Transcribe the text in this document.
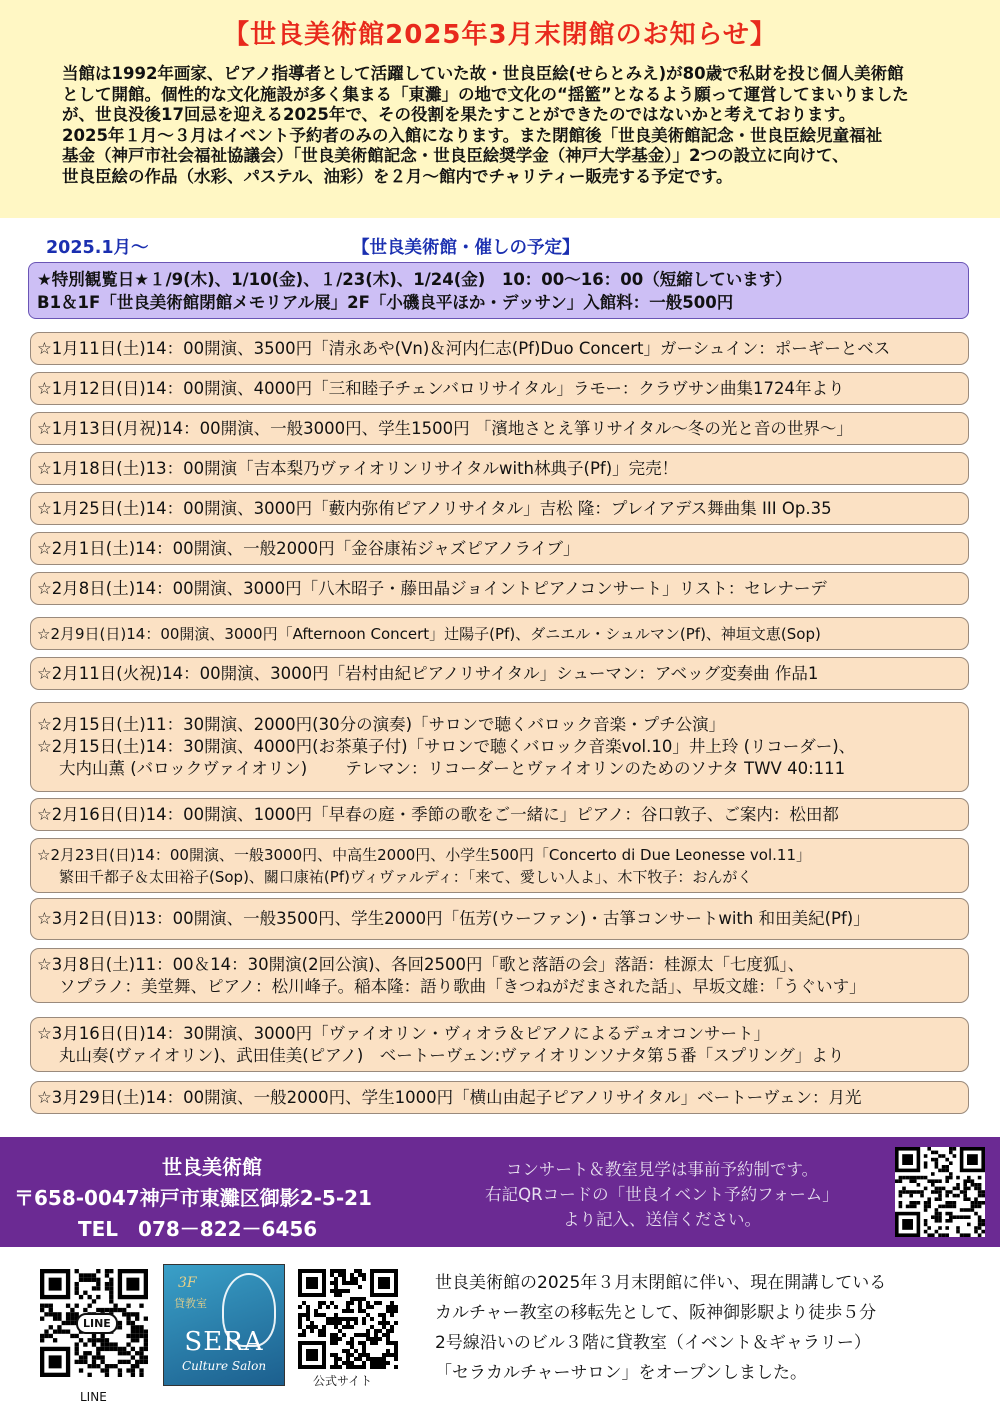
【世良美術館2025年3月末閉館のお知らせ】
当館は1992年画家、ピアノ指導者として活躍していた故・世良臣絵(せらとみえ)が80歳で私財を投じ個人美術館
として開館。個性的な文化施設が多く集まる「東灘」の地で文化の“揺籃”となるよう願って運営してまいりました
が、世良没後17回忌を迎える2025年で、その役割を果たすことができたのではないかと考えております。
2025年１月〜３月はイベント予約者のみの入館になります。また閉館後「世良美術館記念・世良臣絵児童福祉
基金（神戸市社会福祉協議会）「世良美術館記念・世良臣絵奨学金（神戸大学基金）」2つの設立に向けて、
世良臣絵の作品（水彩、パステル、油彩）を２月〜館内でチャリティー販売する予定です。
2025.1月〜	【世良美術館・催しの予定】
★特別観覧日★１/9(木)、1/10(金)、１/23(木)、1/24(金)　10：00〜16：00（短縮しています）
B1＆1F「世良美術館閉館メモリアル展」2F「小磯良平ほか・デッサン」入館料：一般500円
☆1月11日(土)14：00開演、3500円「清永あや(Vn)＆河内仁志(Pf)Duo Concert」ガーシュイン：ポーギーとベス
☆1月12日(日)14：00開演、4000円「三和睦子チェンバロリサイタル」ラモー：クラヴサン曲集1724年より
☆1月13日(月祝)14：00開演、一般3000円、学生1500円 「濱地さとえ箏リサイタル〜冬の光と音の世界〜」
☆1月18日(土)13：00開演「吉本梨乃ヴァイオリンリサイタルwith林典子(Pf)」完売！
☆1月25日(土)14：00開演、3000円「藪内弥侑ピアノリサイタル」吉松 隆：プレイアデス舞曲集 III Op.35
☆2月1日(土)14：00開演、一般2000円「金谷康祐ジャズピアノライブ」
☆2月8日(土)14：00開演、3000円「八木昭子・藤田晶ジョイントピアノコンサート」リスト：セレナーデ
☆2月9日(日)14：00開演、3000円「Afternoon Concert」辻陽子(Pf)、ダニエル・シュルマン(Pf)、神垣文恵(Sop)
☆2月11日(火祝)14：00開演、3000円「岩村由紀ピアノリサイタル」シューマン：アベッグ変奏曲 作品1
☆2月15日(土)11：30開演、2000円(30分の演奏)「サロンで聴くバロック音楽・プチ公演」
☆2月15日(土)14：30開演、4000円(お茶菓子付)「サロンで聴くバロック音楽vol.10」井上玲 (リコーダー)、
大内山薫 (バロックヴァイオリン)　　 テレマン：リコーダーとヴァイオリンのためのソナタ TWV 40:111
☆2月16日(日)14：00開演、1000円「早春の庭・季節の歌をご一緒に」ピアノ：谷口敦子、ご案内：松田都
☆2月23日(日)14：00開演、一般3000円、中高生2000円、小学生500円「Concerto di Due Leonesse vol.11」
繁田千都子＆太田裕子(Sop)、關口康祐(Pf)ヴィヴァルディ：「来て、愛しい人よ」、木下牧子：おんがく
☆3月2日(日)13：00開演、一般3500円、学生2000円「伍芳(ウーファン)・古箏コンサートwith 和田美紀(Pf)」
☆3月8日(土)11：00＆14：30開演(2回公演)、各回2500円「歌と落語の会」落語：桂源太「七度狐」、
ソプラノ：美堂舞、ピアノ：松川峰子。稲本隆：語り歌曲「きつねがだまされた話」、早坂文雄：「うぐいす」
☆3月16日(日)14：30開演、3000円「ヴァイオリン・ヴィオラ＆ピアノによるデュオコンサート」
丸山奏(ヴァイオリン)、武田佳美(ピアノ)　ベートーヴェン:ヴァイオリンソナタ第５番「スプリング」より
☆3月29日(土)14：00開演、一般2000円、学生1000円「横山由起子ピアノリサイタル」ベートーヴェン：月光
世良美術館
〒658-0047神戸市東灘区御影2-5-21
TEL　078－822－6456
コンサート＆教室見学は事前予約制です。
右記QRコードの「世良イベント予約フォーム」
より記入、送信ください。
LINE
LINE
3F
貸教室
SERA
Culture Salon
公式サイト
世良美術館の2025年３月末閉館に伴い、現在開講している
カルチャー教室の移転先として、阪神御影駅より徒歩５分
2号線沿いのビル３階に貸教室（イベント＆ギャラリー）
「セラカルチャーサロン」をオープンしました。
